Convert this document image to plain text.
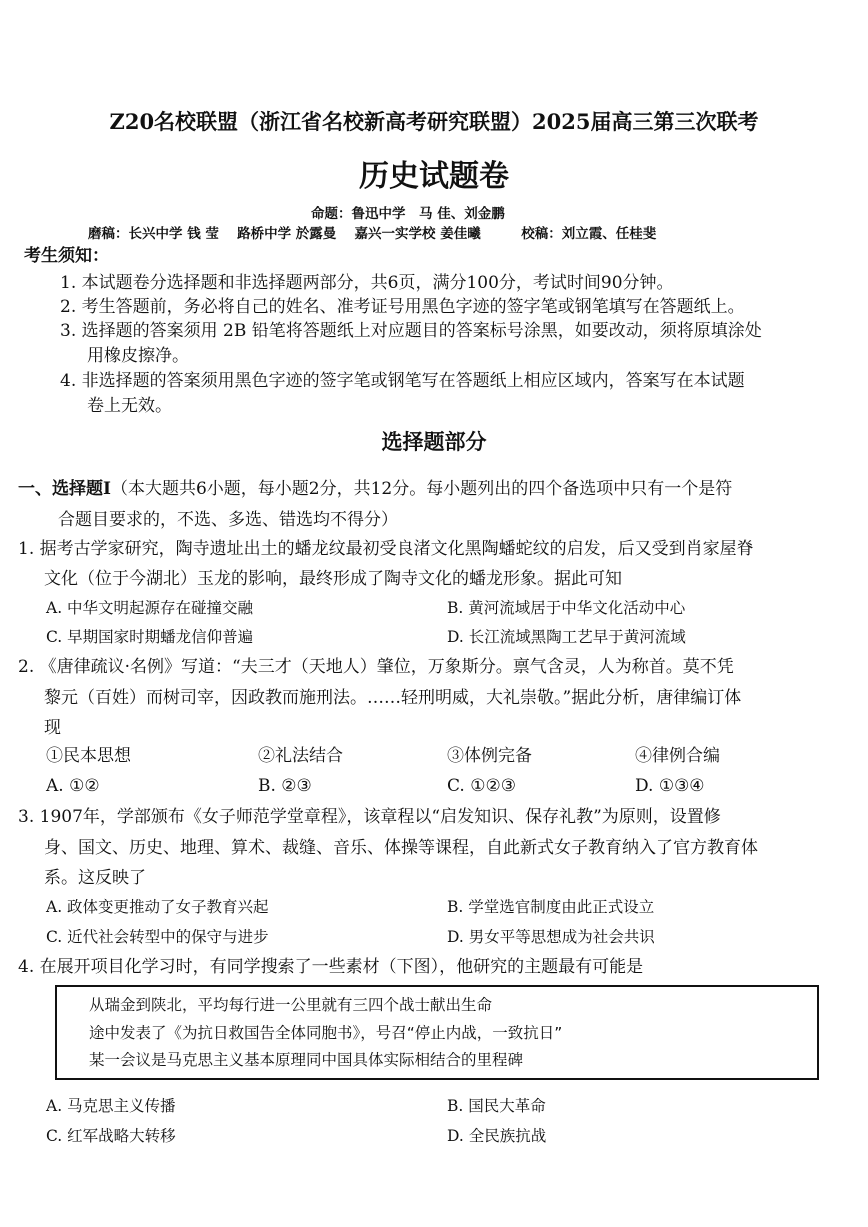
Z20名校联盟（浙江省名校新高考研究联盟）2025届高三第三次联考
历史试题卷
命题：鲁迅中学　马 佳、刘金鹏
磨稿：长兴中学 钱 莹　 路桥中学 於露曼　 嘉兴一实学校 姜佳曦　　　校稿：刘立霞、任桂斐
考生须知：
1. 本试题卷分选择题和非选择题两部分，共6页，满分100分，考试时间90分钟。
2. 考生答题前，务必将自己的姓名、准考证号用黑色字迹的签字笔或钢笔填写在答题纸上。
3. 选择题的答案须用 2B 铅笔将答题纸上对应题目的答案标号涂黑，如要改动，须将原填涂处
用橡皮擦净。
4. 非选择题的答案须用黑色字迹的签字笔或钢笔写在答题纸上相应区域内，答案写在本试题
卷上无效。
选择题部分
一、选择题Ⅰ（本大题共6小题，每小题2分，共12分。每小题列出的四个备选项中只有一个是符
合题目要求的，不选、多选、错选均不得分）
1. 据考古学家研究，陶寺遗址出土的蟠龙纹最初受良渚文化黑陶蟠蛇纹的启发，后又受到肖家屋脊
文化（位于今湖北）玉龙的影响，最终形成了陶寺文化的蟠龙形象。据此可知
A. 中华文明起源存在碰撞交融	B. 黄河流域居于中华文化活动中心
C. 早期国家时期蟠龙信仰普遍	D. 长江流域黑陶工艺早于黄河流域
2. 《唐律疏议·名例》写道：“夫三才（天地人）肇位，万象斯分。禀气含灵，人为称首。莫不凭
黎元（百姓）而树司宰，因政教而施刑法。……轻刑明威，大礼崇敬。”据此分析，唐律编订体
现
①民本思想	②礼法结合	③体例完备	④律例合编
A. ①②	B. ②③	C. ①②③	D. ①③④
3. 1907年，学部颁布《女子师范学堂章程》，该章程以“启发知识、保存礼教”为原则，设置修
身、国文、历史、地理、算术、裁缝、音乐、体操等课程，自此新式女子教育纳入了官方教育体
系。这反映了
A. 政体变更推动了女子教育兴起	B. 学堂选官制度由此正式设立
C. 近代社会转型中的保守与进步	D. 男女平等思想成为社会共识
4. 在展开项目化学习时，有同学搜索了一些素材（下图），他研究的主题最有可能是
从瑞金到陕北，平均每行进一公里就有三四个战士献出生命
途中发表了《为抗日救国告全体同胞书》，号召“停止内战，一致抗日”
某一会议是马克思主义基本原理同中国具体实际相结合的里程碑
A. 马克思主义传播	B. 国民大革命
C. 红军战略大转移	D. 全民族抗战
